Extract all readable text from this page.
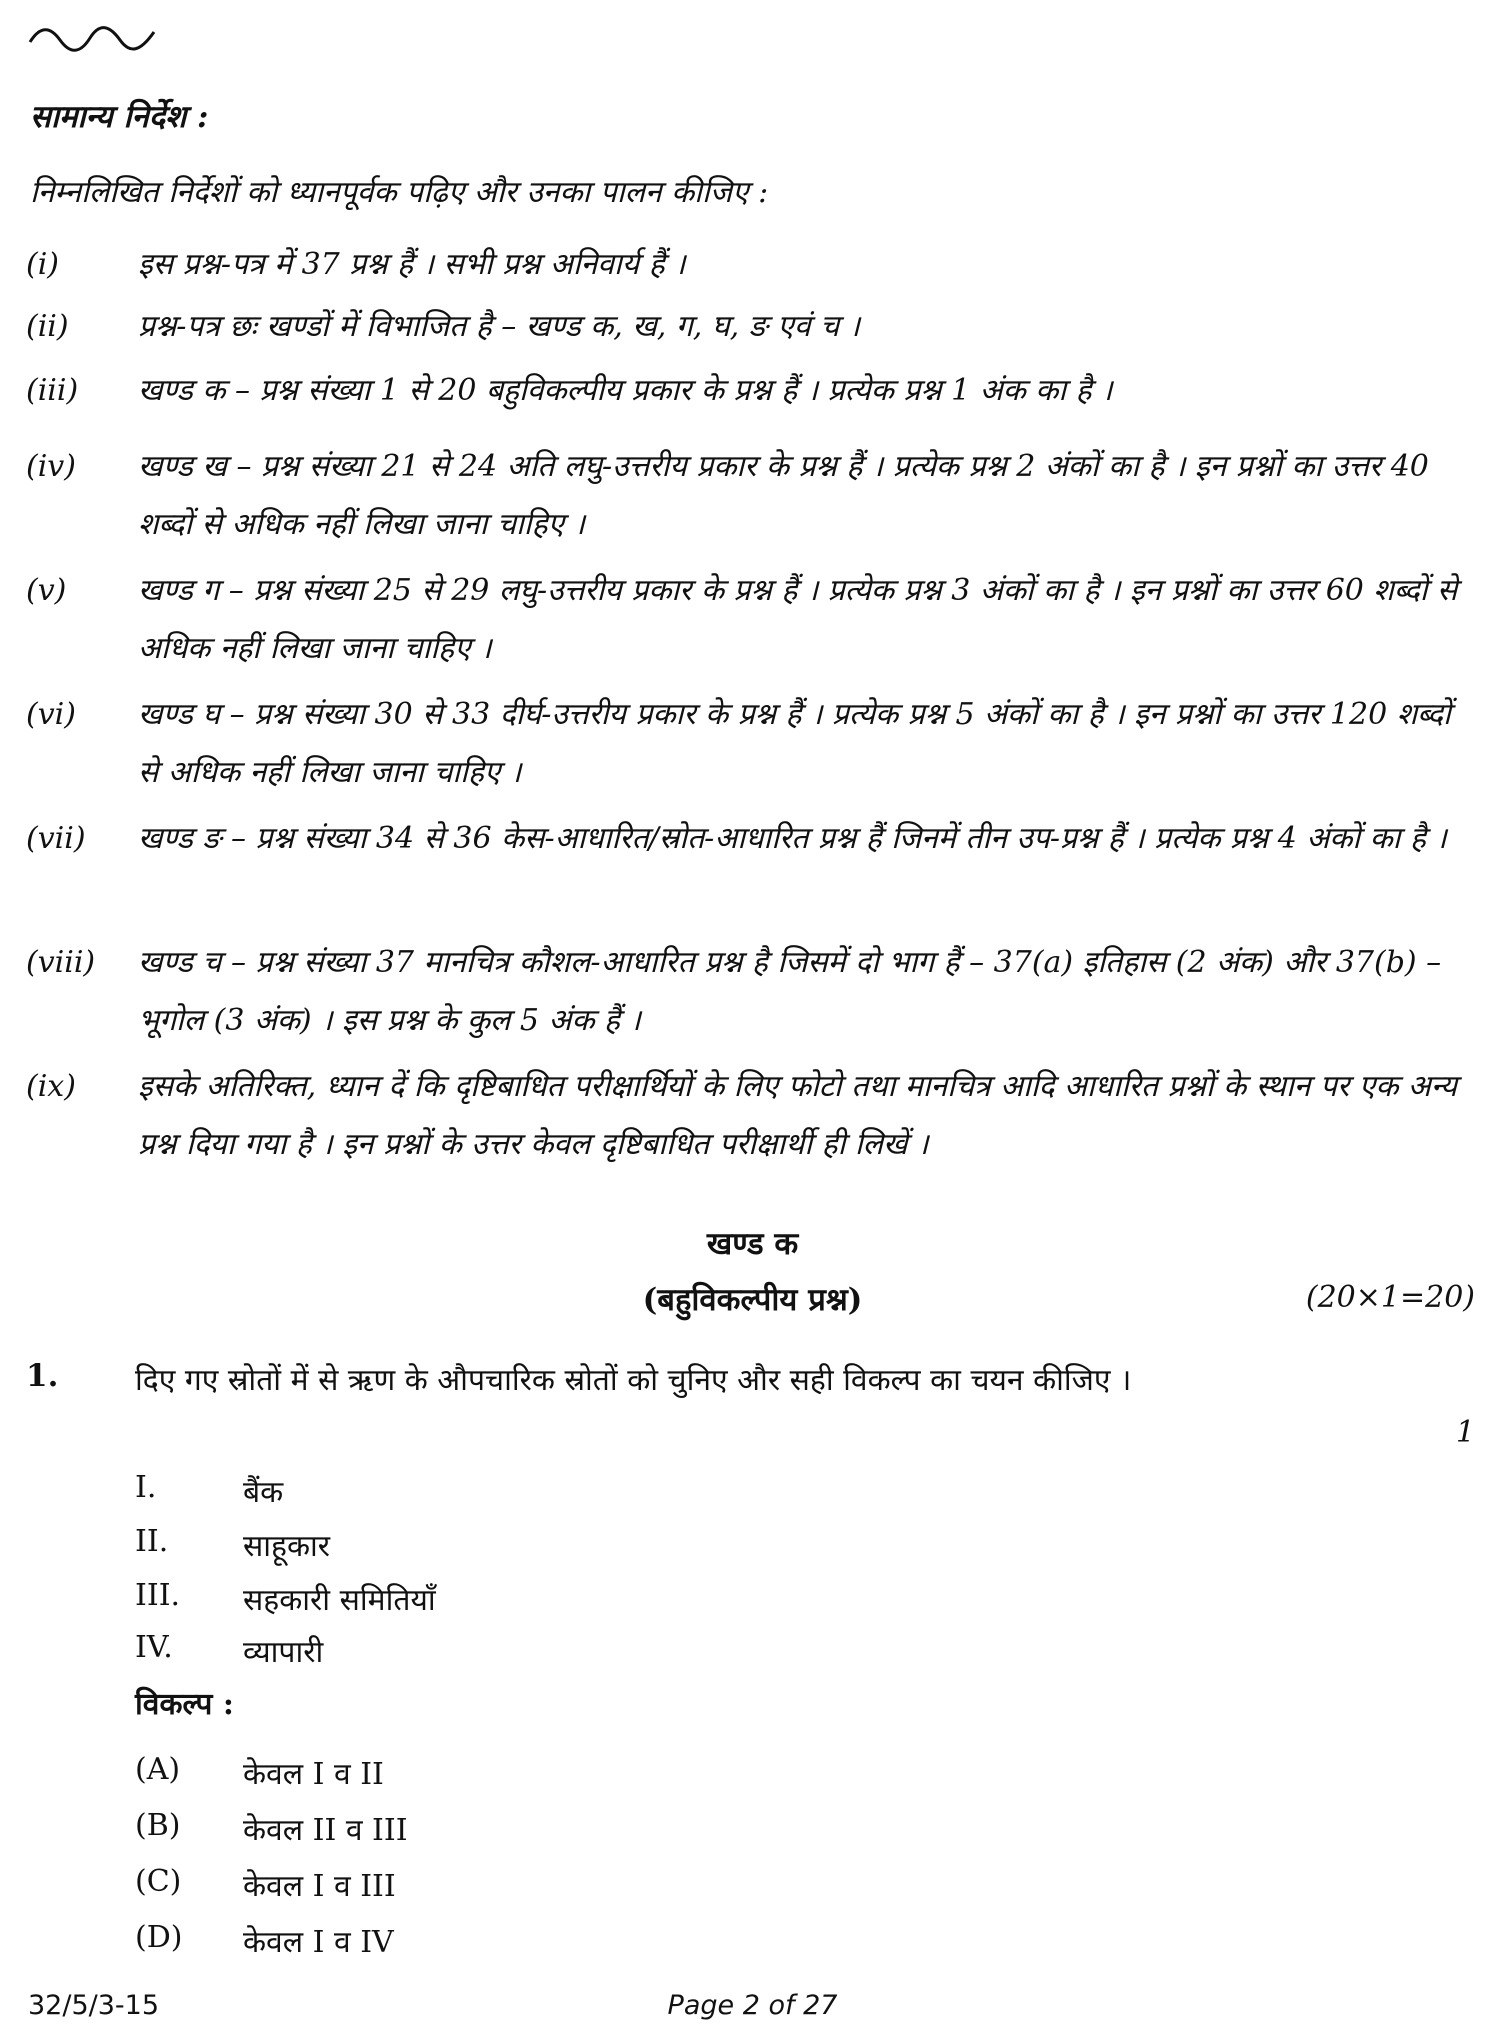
सामान्य निर्देश :
निम्नलिखित निर्देशों को ध्यानपूर्वक पढ़िए और उनका पालन कीजिए :
(i)	इस प्रश्न-पत्र में 37 प्रश्न हैं । सभी प्रश्न अनिवार्य हैं ।
(ii) प्रश्न-पत्र छः खण्डों में विभाजित है – खण्ड क, ख, ग, घ, ङ एवं च ।
(iii) खण्ड क – प्रश्न संख्या 1 से 20 बहुविकल्पीय प्रकार के प्रश्न हैं । प्रत्येक प्रश्न 1 अंक का है ।
(iv) खण्ड ख – प्रश्न संख्या 21 से 24 अति लघु-उत्तरीय प्रकार के प्रश्न हैं । प्रत्येक प्रश्न 2 अंकों का है । इन प्रश्नों का उत्तर 40 शब्दों से अधिक नहीं लिखा जाना चाहिए ।
(v) खण्ड ग – प्रश्न संख्या 25 से 29 लघु-उत्तरीय प्रकार के प्रश्न हैं । प्रत्येक प्रश्न 3 अंकों का है । इन प्रश्नों का उत्तर 60 शब्दों से अधिक नहीं लिखा जाना चाहिए ।
(vi) खण्ड घ – प्रश्न संख्या 30 से 33 दीर्घ-उत्तरीय प्रकार के प्रश्न हैं । प्रत्येक प्रश्न 5 अंकों का है । इन प्रश्नों का उत्तर 120 शब्दों से अधिक नहीं लिखा जाना चाहिए ।
(vii) खण्ड ङ – प्रश्न संख्या 34 से 36 केस-आधारित/स्रोत-आधारित प्रश्न हैं जिनमें तीन उप-प्रश्न हैं । प्रत्येक प्रश्न 4 अंकों का है ।
(viii) खण्ड च – प्रश्न संख्या 37 मानचित्र कौशल-आधारित प्रश्न है जिसमें दो भाग हैं – 37(a) इतिहास (2 अंक) और 37(b) – भूगोल (3 अंक) । इस प्रश्न के कुल 5 अंक हैं ।
(ix) इसके अतिरिक्त, ध्यान दें कि दृष्टिबाधित परीक्षार्थियों के लिए फोटो तथा मानचित्र आदि आधारित प्रश्नों के स्थान पर एक अन्य प्रश्न दिया गया है । इन प्रश्नों के उत्तर केवल दृष्टिबाधित परीक्षार्थी ही लिखें ।
खण्ड क
(बहुविकल्पीय प्रश्न)	(20×1=20)
1.	दिए गए स्रोतों में से ऋण के औपचारिक स्रोतों को चुनिए और सही विकल्प का चयन कीजिए ।
1
I.	बैंक
II. साहूकार
III. सहकारी समितियाँ
IV. व्यापारी
विकल्प :
(A) केवल I व II
(B) केवल II व III
(C) केवल I व III
(D) केवल I व IV
32/5/3-15	Page 2 of 27
